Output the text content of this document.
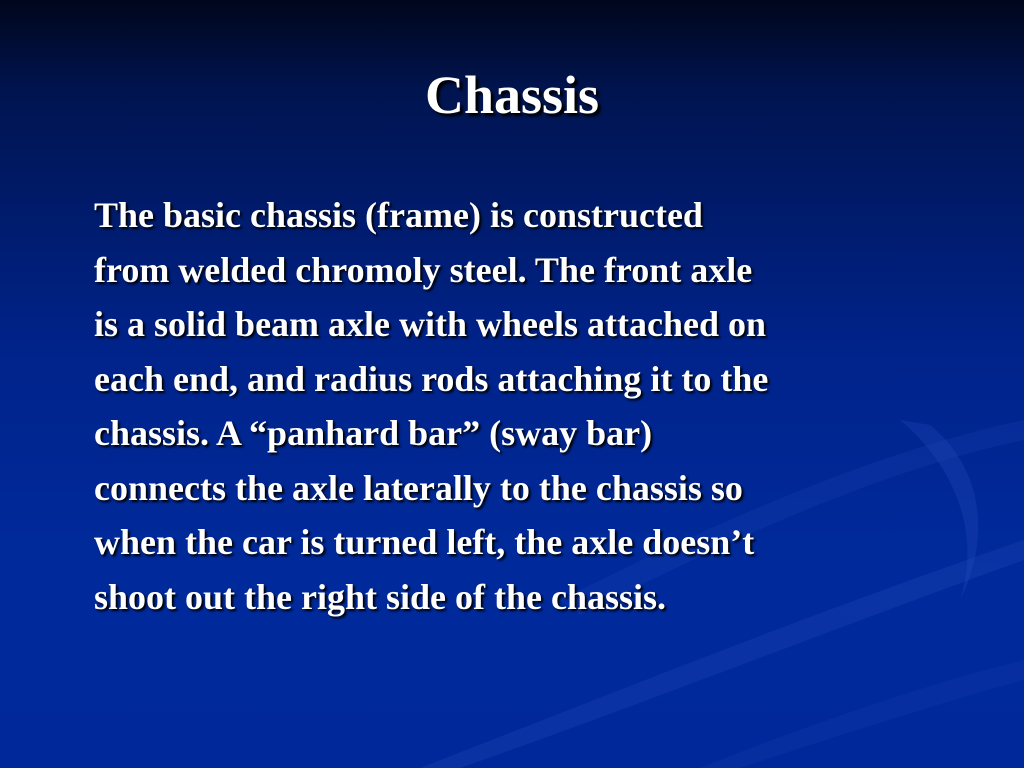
Chassis

The basic chassis (frame) is constructed
from welded chromoly steel. The front axle
is a solid beam axle with wheels attached on
each end, and radius rods attaching it to the
chassis. A “panhard bar” (sway bar)
connects the axle laterally to the chassis so
when the car is turned left, the axle doesn’t
shoot out the right side of the chassis.
